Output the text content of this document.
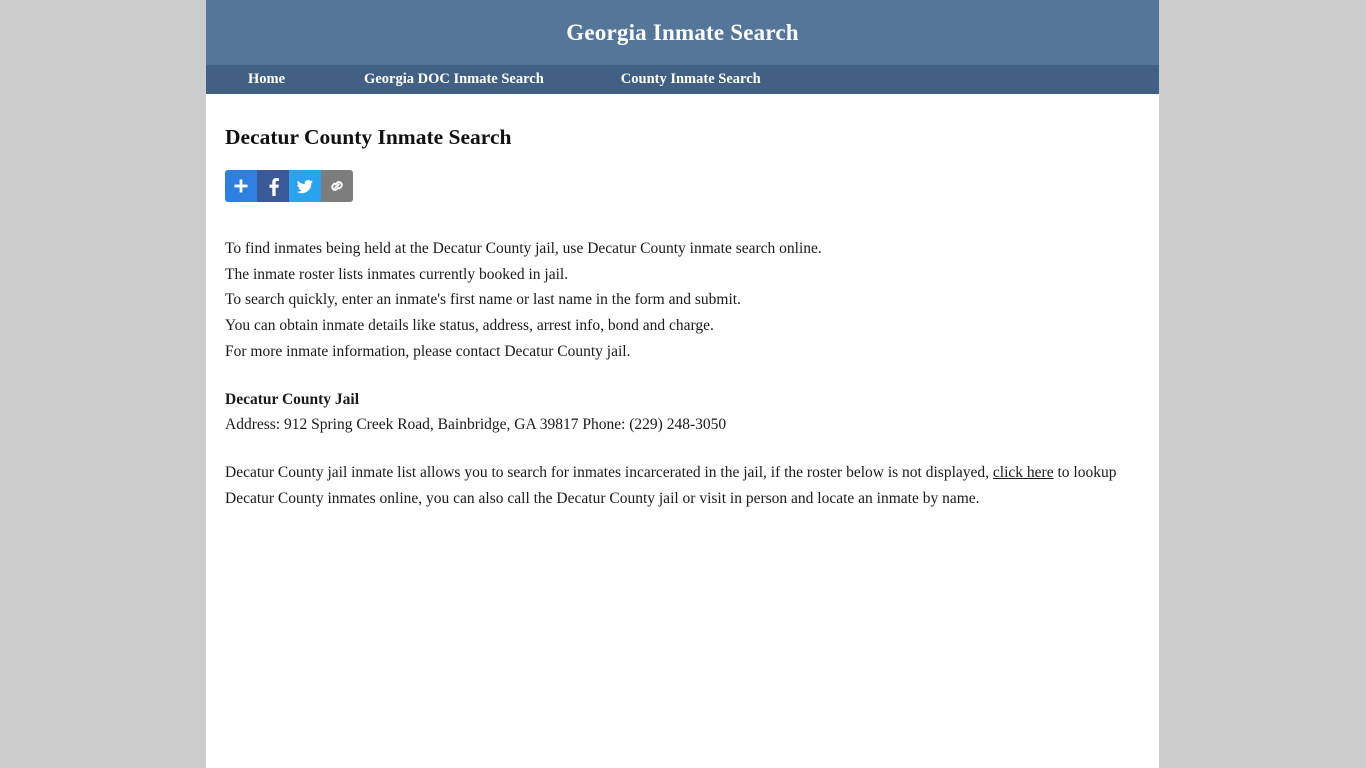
Georgia Inmate Search
Home	Georgia DOC Inmate Search	County Inmate Search
Decatur County Inmate Search
To find inmates being held at the Decatur County jail, use Decatur County inmate search online.
The inmate roster lists inmates currently booked in jail.
To search quickly, enter an inmate's first name or last name in the form and submit.
You can obtain inmate details like status, address, arrest info, bond and charge.
For more inmate information, please contact Decatur County jail.
Decatur County Jail
Address: 912 Spring Creek Road, Bainbridge, GA 39817 Phone: (229) 248-3050
Decatur County jail inmate list allows you to search for inmates incarcerated in the jail, if the roster below is not displayed, click here to lookup Decatur County inmates online, you can also call the Decatur County jail or visit in person and locate an inmate by name.
